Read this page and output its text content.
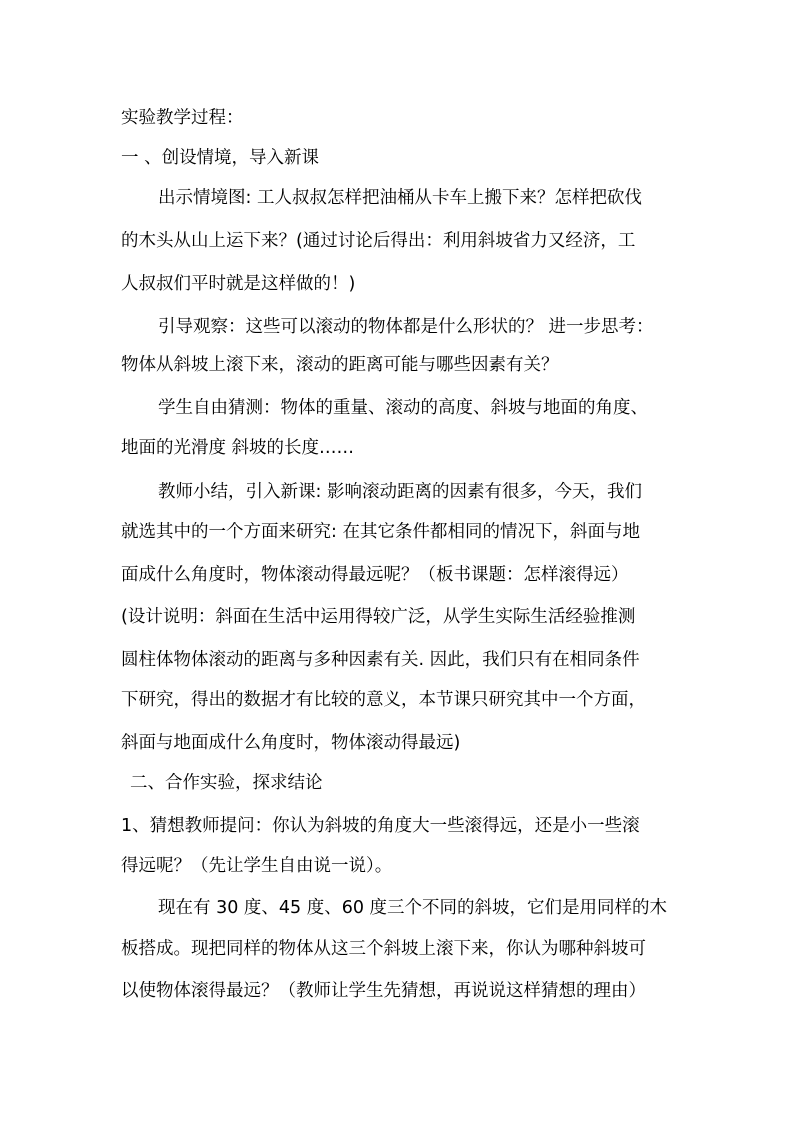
实验教学过程：
一 、创设情境，导入新课
出示情境图: 工人叔叔怎样把油桶从卡车上搬下来？怎样把砍伐
的木头从山上运下来？(通过讨论后得出：利用斜坡省力又经济，工
人叔叔们平时就是这样做的！)
引导观察：这些可以滚动的物体都是什么形状的？ 进一步思考：
物体从斜坡上滚下来，滚动的距离可能与哪些因素有关？
学生自由猜测：物体的重量、滚动的高度、斜坡与地面的角度、
地面的光滑度 斜坡的长度……
教师小结，引入新课: 影响滚动距离的因素有很多，今天，我们
就选其中的一个方面来研究: 在其它条件都相同的情况下，斜面与地
面成什么角度时，物体滚动得最远呢？（板书课题：怎样滚得远）
(设计说明：斜面在生活中运用得较广泛，从学生实际生活经验推测
圆柱体物体滚动的距离与多种因素有关. 因此，我们只有在相同条件
下研究，得出的数据才有比较的意义，本节课只研究其中一个方面，
斜面与地面成什么角度时，物体滚动得最远)
二、合作实验，探求结论
1、猜想教师提问：你认为斜坡的角度大一些滚得远，还是小一些滚
得远呢？（先让学生自由说一说）。
现在有 30 度、45 度、60 度三个不同的斜坡，它们是用同样的木
板搭成。现把同样的物体从这三个斜坡上滚下来，你认为哪种斜坡可
以使物体滚得最远？（教师让学生先猜想，再说说这样猜想的理由）
